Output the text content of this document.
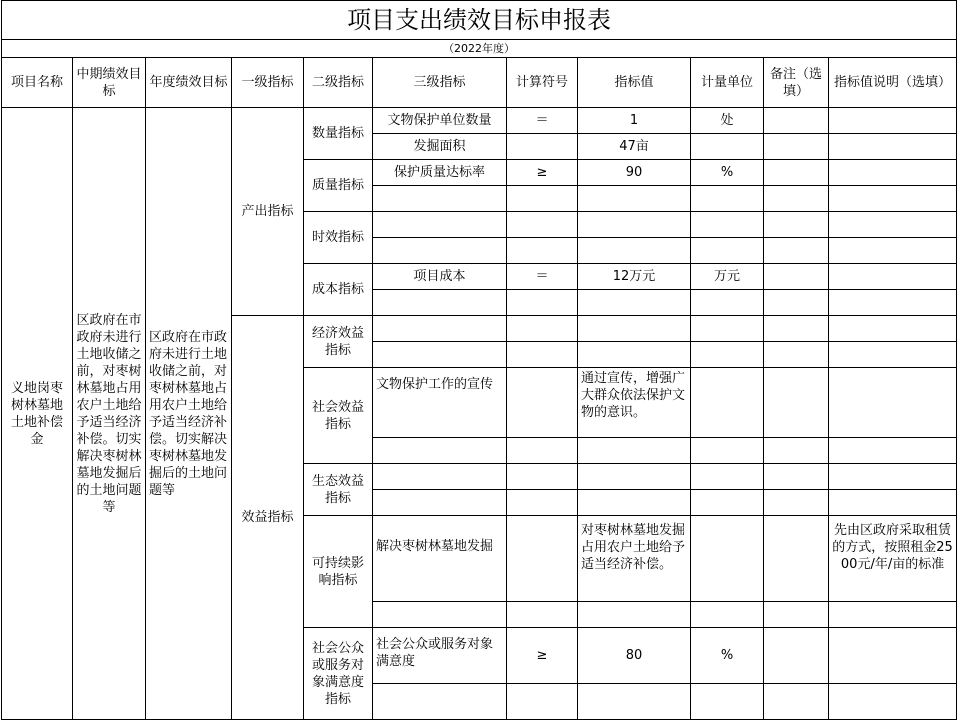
项目支出绩效目标申报表										
（2022年度）										
项目名称	中期绩效目标	年度绩效目标	一级指标	二级指标	三级指标	计算符号	指标值	计量单位	备注（选填）	指标值说明（选填）
义地岗枣树林墓地土地补偿金	区政府在市政府未进行土地收储之前，对枣树林墓地占用农户土地给予适当经济补偿。切实解决枣树林墓地发掘后的土地问题等	区政府在市政府未进行土地收储之前，对枣树林墓地占用农户土地给予适当经济补偿。切实解决枣树林墓地发掘后的土地问题等	产出指标	数量指标	文物保护单位数量	＝	1	处		
					发掘面积		47亩			
				质量指标	保护质量达标率	≥	90	%		

				时效指标						

				成本指标	项目成本	＝	12万元	万元		

			效益指标	经济效益指标						

				社会效益指标	文物保护工作的宣传		通过宣传，增强广大群众依法保护文物的意识。			

				生态效益指标						

				可持续影响指标	解决枣树林墓地发掘		对枣树林墓地发掘占用农户土地给予适当经济补偿。			先由区政府采取租赁的方式，按照租金2500元/年/亩的标准

				社会公众或服务对象满意度指标	社会公众或服务对象满意度	≥	80	%		
